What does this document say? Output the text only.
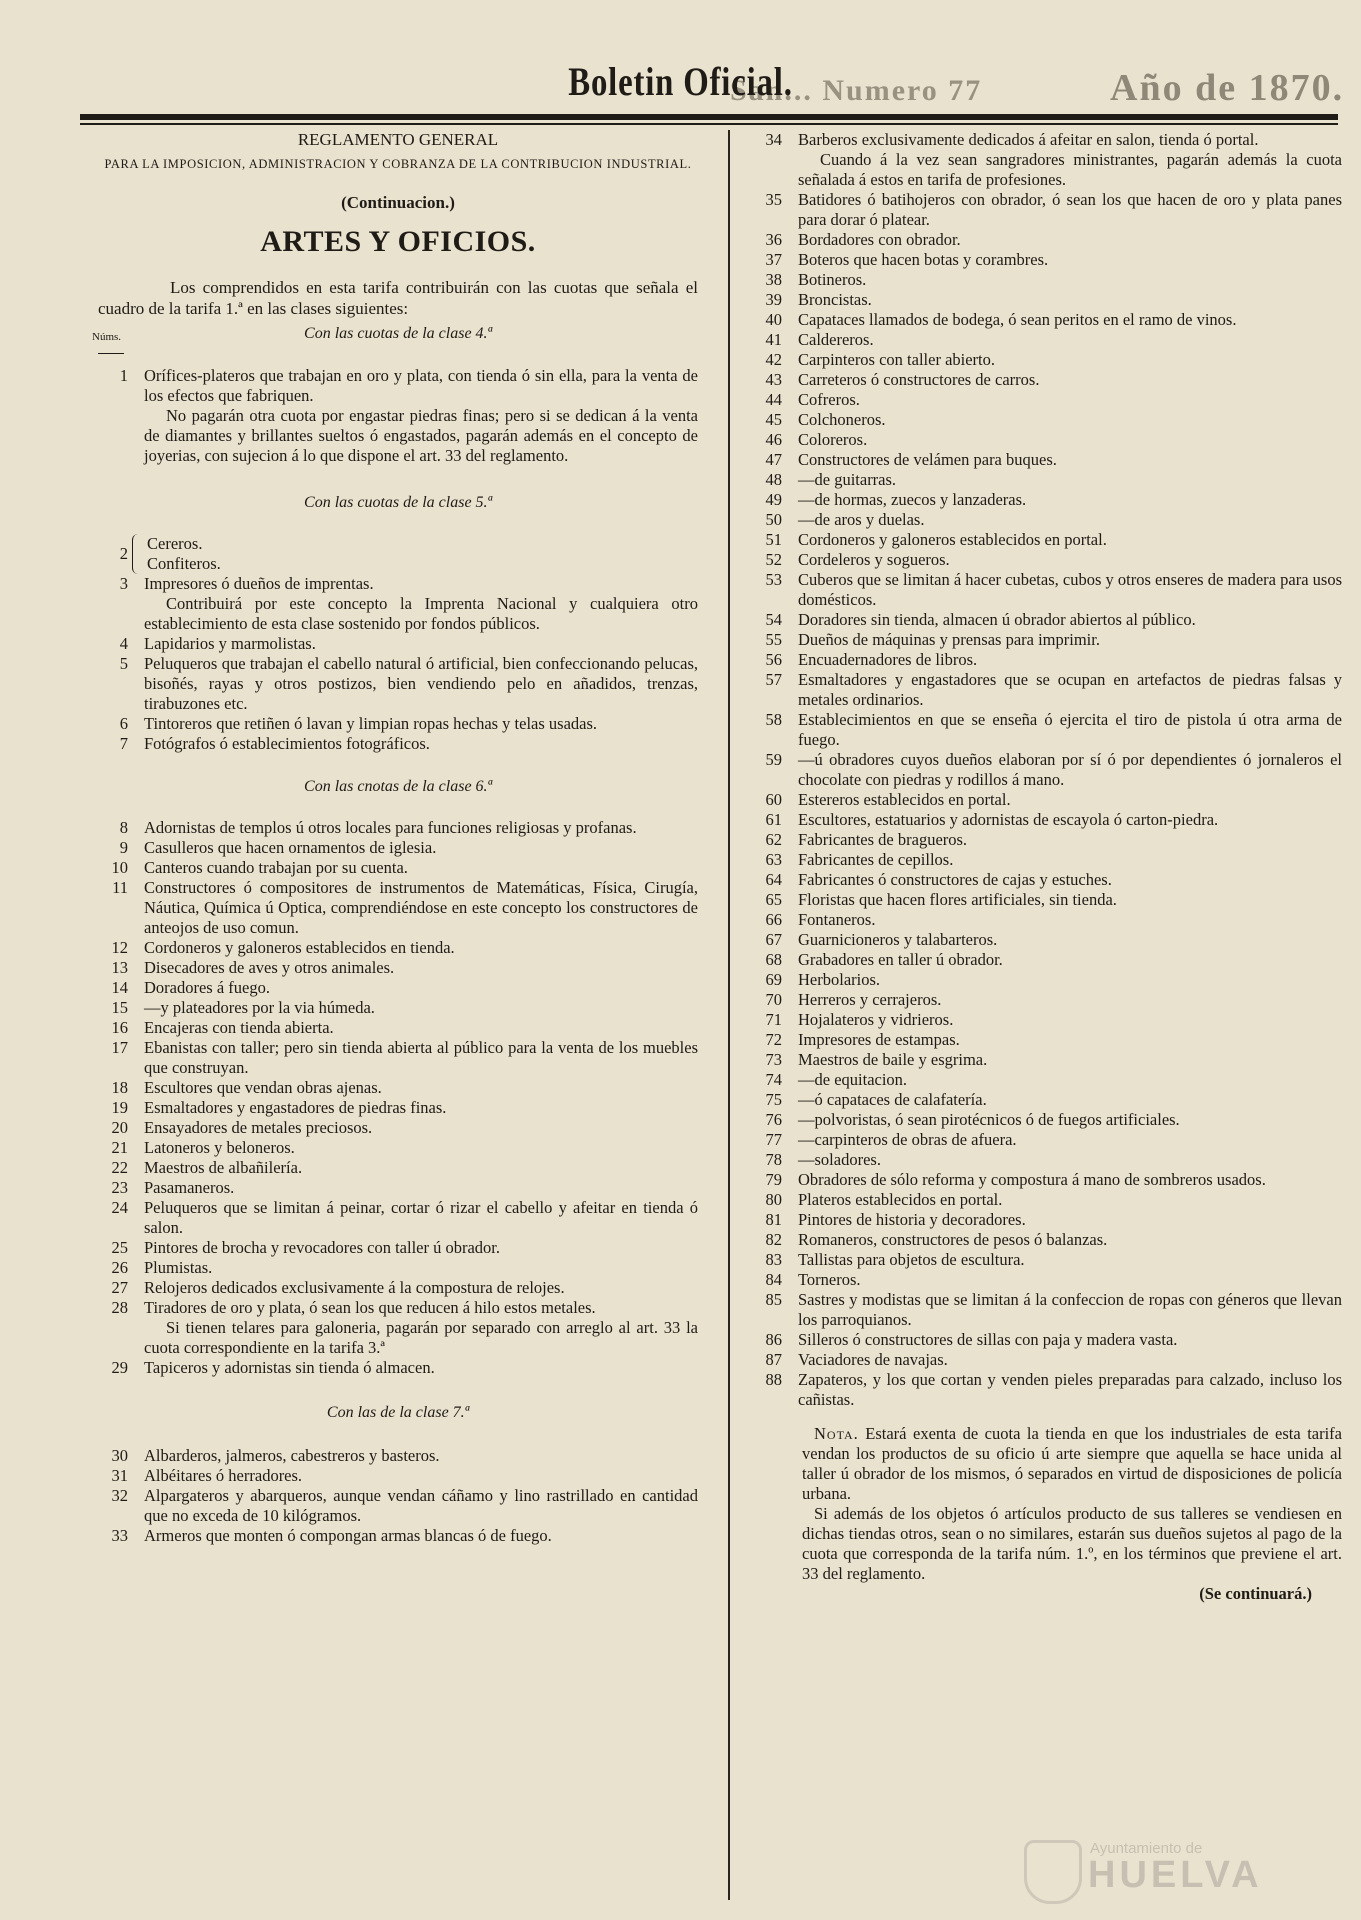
San... Numero 77
Boletin Oficial.	Año de 1870.
REGLAMENTO GENERAL
PARA LA IMPOSICION, ADMINISTRACION Y COBRANZA DE LA CONTRIBUCION INDUSTRIAL.
(Continuacion.)
ARTES Y OFICIOS.
Los comprendidos en esta tarifa contribuirán con las cuotas que señala el cuadro de la tarifa 1.ª en las clases siguientes:
Núms.	Con las cuotas de la clase 4.ª
1 Orífices-plateros que trabajan en oro y plata, con tienda ó sin ella, para la venta de los efectos que fabriquen.
No pagarán otra cuota por engastar piedras finas; pero si se dedican á la venta de diamantes y brillantes sueltos ó engastados, pagarán además en el concepto de joyerias, con sujecion á lo que dispone el art. 33 del reglamento.
Con las cuotas de la clase 5.ª
2
Cereros.
Confiteros.
3 Impresores ó dueños de imprentas.
Contribuirá por este concepto la Imprenta Nacional y cualquiera otro establecimiento de esta clase sostenido por fondos públicos.
4 Lapidarios y marmolistas.
5 Peluqueros que trabajan el cabello natural ó artificial, bien confeccionando pelucas, bisoñés, rayas y otros postizos, bien vendiendo pelo en añadidos, trenzas, tirabuzones etc.
6 Tintoreros que retiñen ó lavan y limpian ropas hechas y telas usadas.
7 Fotógrafos ó establecimientos fotográficos.
Con las cnotas de la clase 6.ª
8 Adornistas de templos ú otros locales para funciones religiosas y profanas.
9 Casulleros que hacen ornamentos de iglesia.
10 Canteros cuando trabajan por su cuenta.
11 Constructores ó compositores de instrumentos de Matemáticas, Física, Cirugía, Náutica, Química ú Optica, comprendiéndose en este concepto los constructores de anteojos de uso comun.
12 Cordoneros y galoneros establecidos en tienda.
13 Disecadores de aves y otros animales.
14 Doradores á fuego.
15 —y plateadores por la via húmeda.
16 Encajeras con tienda abierta.
17 Ebanistas con taller; pero sin tienda abierta al público para la venta de los muebles que construyan.
18 Escultores que vendan obras ajenas.
19 Esmaltadores y engastadores de piedras finas.
20 Ensayadores de metales preciosos.
21 Latoneros y beloneros.
22 Maestros de albañilería.
23 Pasamaneros.
24 Peluqueros que se limitan á peinar, cortar ó rizar el cabello y afeitar en tienda ó salon.
25 Pintores de brocha y revocadores con taller ú obrador.
26 Plumistas.
27 Relojeros dedicados exclusivamente á la compostura de relojes.
28 Tiradores de oro y plata, ó sean los que reducen á hilo estos metales.
Si tienen telares para galoneria, pagarán por separado con arreglo al art. 33 la cuota correspondiente en la tarifa 3.ª
29 Tapiceros y adornistas sin tienda ó almacen.
Con las de la clase 7.ª
30 Albarderos, jalmeros, cabestreros y basteros.
31 Albéitares ó herradores.
32 Alpargateros y abarqueros, aunque vendan cáñamo y lino rastrillado en cantidad que no exceda de 10 kilógramos.
33 Armeros que monten ó compongan armas blancas ó de fuego.
34 Barberos exclusivamente dedicados á afeitar en salon, tienda ó portal.
Cuando á la vez sean sangradores ministrantes, pagarán además la cuota señalada á estos en tarifa de profesiones.
35 Batidores ó batihojeros con obrador, ó sean los que hacen de oro y plata panes para dorar ó platear.
36 Bordadores con obrador.
37 Boteros que hacen botas y corambres.
38 Botineros.
39 Broncistas.
40 Capataces llamados de bodega, ó sean peritos en el ramo de vinos.
41 Caldereros.
42 Carpinteros con taller abierto.
43 Carreteros ó constructores de carros.
44 Cofreros.
45 Colchoneros.
46 Coloreros.
47 Constructores de velámen para buques.
48 —de guitarras.
49 —de hormas, zuecos y lanzaderas.
50 —de aros y duelas.
51 Cordoneros y galoneros establecidos en portal.
52 Cordeleros y sogueros.
53 Cuberos que se limitan á hacer cubetas, cubos y otros enseres de madera para usos domésticos.
54 Doradores sin tienda, almacen ú obrador abiertos al público.
55 Dueños de máquinas y prensas para imprimir.
56 Encuadernadores de libros.
57 Esmaltadores y engastadores que se ocupan en artefactos de piedras falsas y metales ordinarios.
58 Establecimientos en que se enseña ó ejercita el tiro de pistola ú otra arma de fuego.
59 —ú obradores cuyos dueños elaboran por sí ó por dependientes ó jornaleros el chocolate con piedras y rodillos á mano.
60 Estereros establecidos en portal.
61 Escultores, estatuarios y adornistas de escayola ó carton-piedra.
62 Fabricantes de bragueros.
63 Fabricantes de cepillos.
64 Fabricantes ó constructores de cajas y estuches.
65 Floristas que hacen flores artificiales, sin tienda.
66 Fontaneros.
67 Guarnicioneros y talabarteros.
68 Grabadores en taller ú obrador.
69 Herbolarios.
70 Herreros y cerrajeros.
71 Hojalateros y vidrieros.
72 Impresores de estampas.
73 Maestros de baile y esgrima.
74 —de equitacion.
75 —ó capataces de calafatería.
76 —polvoristas, ó sean pirotécnicos ó de fuegos artificiales.
77 —carpinteros de obras de afuera.
78 —soladores.
79 Obradores de sólo reforma y compostura á mano de sombreros usados.
80 Plateros establecidos en portal.
81 Pintores de historia y decoradores.
82 Romaneros, constructores de pesos ó balanzas.
83 Tallistas para objetos de escultura.
84 Torneros.
85 Sastres y modistas que se limitan á la confeccion de ropas con géneros que llevan los parroquianos.
86 Silleros ó constructores de sillas con paja y madera vasta.
87 Vaciadores de navajas.
88 Zapateros, y los que cortan y venden pieles preparadas para calzado, incluso los cañistas.
Nota. Estará exenta de cuota la tienda en que los industriales de esta tarifa vendan los productos de su oficio ú arte siempre que aquella se hace unida al taller ú obrador de los mismos, ó separados en virtud de disposiciones de policía urbana.
Si además de los objetos ó artículos producto de sus talleres se vendiesen en dichas tiendas otros, sean o no similares, estarán sus dueños sujetos al pago de la cuota que corresponda de la tarifa núm. 1.º, en los términos que previene el art. 33 del reglamento.
(Se continuará.)
Ayuntamiento de
HUELVA
